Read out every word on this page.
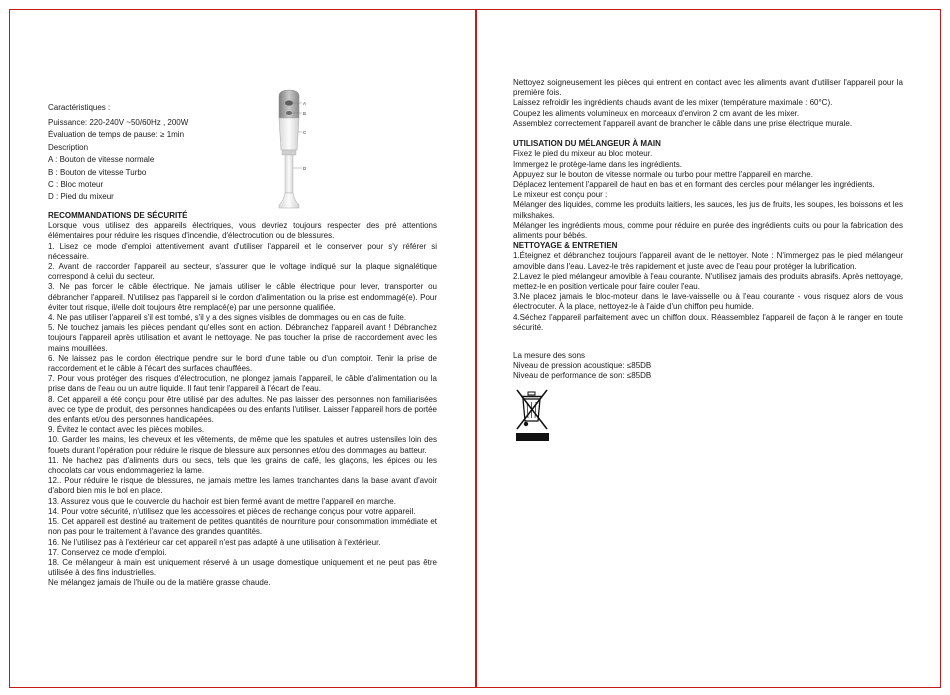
Caractéristiques :
Puissance: 220-240V ~50/60Hz , 200W
Évaluation de temps de pause: ≥ 1min
Description
A : Bouton de vitesse normale
B : Bouton de vitesse Turbo
C : Bloc moteur
D : Pied du mixeur
A
B
C
D
RECOMMANDATIONS DE SÉCURITÉ

Lorsque vous utilisez des appareils électriques, vous devriez toujours respecter des pré attentions élémentaires pour réduire les risques d'incendie, d'électrocution ou de blessures.

1. Lisez ce mode d'emploi attentivement avant d'utiliser l'appareil et le conserver pour s'y référer si nécessaire.

2. Avant de raccorder l'appareil au secteur, s'assurer que le voltage indiqué sur la plaque signalétique correspond à celui du secteur.

3. Ne pas forcer le câble électrique. Ne jamais utiliser le câble électrique pour lever, transporter ou débrancher l'appareil. N'utilisez pas l'appareil si le cordon d'alimentation ou la prise est endommagé(e). Pour éviter tout risque, il/elle doit toujours être remplacé(e) par une personne qualifiée.

4. Ne pas utiliser l'appareil s'il est tombé, s'il y a des signes visibles de dommages ou en cas de fuite.

5. Ne touchez jamais les pièces pendant qu'elles sont en action. Débranchez l'appareil avant ! Débranchez toujours l'appareil après utilisation et avant le nettoyage. Ne pas toucher la prise de raccordement avec les mains mouillées.

6. Ne laissez pas le cordon électrique pendre sur le bord d'une table ou d'un comptoir. Tenir la prise de raccordement et le câble à l'écart des surfaces chauffées.

7. Pour vous protéger des risques d'électrocution, ne plongez jamais l'appareil, le câble d'alimentation ou la prise dans de l'eau ou un autre liquide. Il faut tenir l'appareil à l'écart de l'eau.

8. Cet appareil a été conçu pour être utilisé par des adultes. Ne pas laisser des personnes non familiarisées avec ce type de produit, des personnes handicapées ou des enfants l'utiliser. Laisser l'appareil hors de portée des enfants et/ou des personnes handicapées.

9. Évitez le contact avec les pièces mobiles.

10. Garder les mains, les cheveux et les vêtements, de même que les spatules et autres ustensiles loin des fouets durant l'opération pour réduire le risque de blessure aux personnes et/ou des dommages au batteur.

11. Ne hachez pas d'aliments durs ou secs, tels que les grains de café, les glaçons, les épices ou les chocolats car vous endommageriez la lame.

12.. Pour réduire le risque de blessures, ne jamais mettre les lames tranchantes dans la base avant d'avoir d'abord bien mis le bol en place.

13. Assurez vous que le couvercle du hachoir est bien fermé avant de mettre l'appareil en marche.

14. Pour votre sécurité, n'utilisez que les accessoires et pièces de rechange conçus pour votre appareil.

15. Cet appareil est destiné au traitement de petites quantités de nourriture pour consommation immédiate et non pas pour le traitement à l'avance des grandes quantités.

16. Ne l'utilisez pas à l'extérieur car cet appareil n'est pas adapté à une utilisation à l'extérieur.

17. Conservez ce mode d'emploi.

18. Ce mélangeur à main est uniquement réservé à un usage domestique uniquement et ne peut pas être utilisée à des fins industrielles.

Ne mélangez jamais de l'huile ou de la matière grasse chaude.

Nettoyez soigneusement les pièces qui entrent en contact avec les aliments avant d'utiliser l'appareil pour la première fois.

Laissez refroidir les ingrédients chauds avant de les mixer (température maximale : 60°C).

Coupez les aliments volumineux en morceaux d'environ 2 cm avant de les mixer.

Assemblez correctement l'appareil avant de brancher le câble dans une prise électrique murale.

UTILISATION DU MÉLANGEUR À MAIN

Fixez le pied du mixeur au bloc moteur.

Immergez le protège-lame dans les ingrédients.

Appuyez sur le bouton de vitesse normale ou turbo pour mettre l'appareil en marche.

Déplacez lentement l'appareil de haut en bas et en formant des cercles pour mélanger les ingrédients.

Le mixeur est conçu pour :

Mélanger des liquides, comme les produits laitiers, les sauces, les jus de fruits, les soupes, les boissons et les milkshakes.

Mélanger les ingrédients mous, comme pour réduire en purée des ingrédients cuits ou pour la fabrication des aliments pour bébés.

NETTOYAGE & ENTRETIEN

1.Éteignez et débranchez toujours l'appareil avant de le nettoyer. Note : N'immergez pas le pied mélangeur amovible dans l'eau. Lavez-le très rapidement et juste avec de l'eau pour protéger la lubrification.

2.Lavez le pied mélangeur amovible à l'eau courante. N'utilisez jamais des produits abrasifs. Après nettoyage, mettez-le en position verticale pour faire couler l'eau.

3.Ne placez jamais le bloc-moteur dans le lave-vaisselle ou à l'eau courante - vous risquez alors de vous électrocuter. À la place, nettoyez-le à l'aide d'un chiffon peu humide.

4.Séchez l'appareil parfaitement avec un chiffon doux. Réassemblez l'appareil de façon à le ranger en toute sécurité.

La mesure des sons
Niveau de pression acoustique: ≤85DB
Niveau de performance de son: ≤85DB
